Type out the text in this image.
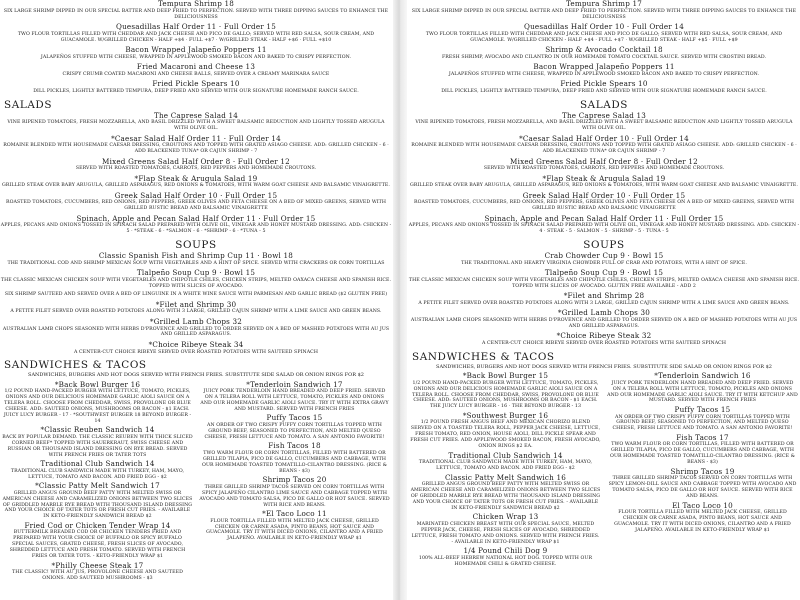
Tempura Shrimp 18

SIX LARGE SHRIMP DIPPED IN OUR SPECIAL BATTER AND DEEP FRIED TO PERFECTION. SERVED WITH THREE DIPPING SAUCES TO ENHANCE THE DELICIOUSNESS

Quesadillas Half Order 11 · Full Order 15

TWO FLOUR TORTILLAS FILLED WITH CHEDDAR AND JACK CHEESE AND PICO DE GALLO; SERVED WITH RED SALSA, SOUR CREAM, AND GUACAMOLE. W/GRILLED CHICKEN - HALF +$4 · FULL +$7 · W/GRILLED STEAK - HALF +$6 · FULL +$10

Bacon Wrapped Jalapeño Poppers 11

JALAPEÑOS STUFFED WITH CHEESE, WRAPPED IN APPLEWOOD SMOKED BACON AND BAKED TO CRISPY PERFECTION.

Fried Macaroni and Cheese 13

CRISPY CRUMB COATED MACARONI AND CHEESE BALLS, SERVED OVER A CREAMY MARINARA SAUCE

Fried Pickle Spears 10

DILL PICKLES, LIGHTLY BATTERED TEMPURA, DEEP FRIED AND SERVED WITH OUR SIGNATURE HOMEMADE RANCH SAUCE.

SALADS

The Caprese Salad 14

VINE RIPENED TOMATOES, FRESH MOZZARELLA, AND BASIL DRIZZLED WITH A SWEET BALSAMIC REDUCTION AND LIGHTLY TOSSED ARUGULA WITH OLIVE OIL.

*Caesar Salad Half Order 11 · Full Order 14

ROMAINE BLENDED WITH HOUSEMADE CAESAR DRESSING, CROUTONS AND TOPPED WITH GRATED ASIAGO CHEESE. ADD: GRILLED CHICKEN - 6 · ADD BLACKENED TUNA* OR CAJUN SHRIMP - 7

Mixed Greens Salad Half Order 8 · Full Order 12

SERVED WITH ROASTED TOMATOES, CARROTS, RED PEPPERS AND HOMEMADE CROUTONS.

*Flap Steak & Arugula Salad 19

GRILLED STEAK OVER BABY ARUGULA, GRILLED ASPARAGUS, RED ONIONS & TOMATOES, WITH WARM GOAT CHEESE AND BALSAMIC VINAIGRETTE.

Greek Salad Half Order 10 · Full Order 15

ROASTED TOMATOES, CUCUMBERS, RED ONIONS, RED PEPPERS, GREEK OLIVES AND FETA CHEESE ON A BED OF MIXED GREENS, SERVED WITH GRILLED RUSTIC BREAD AND BALSAMIC VINAIGRETTE

Spinach, Apple and Pecan Salad Half Order 11 · Full Order 15

APPLES, PECANS AND ONIONS TOSSED IN SPINACH SALAD PREPARED WITH OLIVE OIL, VINEGAR AND HONEY MUSTARD DRESSING. ADD: CHICKEN - 5 · *STEAK - 6 · *SALMON - 6 · *SHRIMP - 6 · *TUNA - 5

SOUPS

Classic Spanish Fish and Shrimp Cup 11 · Bowl 18

THE TRADITIONAL COD AND SHRIMP MEXICAN SOUP WITH VEGETABLES AND A HINT OF SPICE. SERVED WITH CRACKERS OR CORN TORTILLAS

Tlalpeño Soup Cup 9 · Bowl 15

THE CLASSIC MEXICAN CHICKEN SOUP WITH VEGETABLES AND CHIPOTLE CHILES, CHICKEN STRIPS, MELTED OAXACA CHEESE AND SPANISH RICE. TOPPED WITH SLICES OF AVOCADO.

SIX SHRIMP SAUTEED AND SERVED OVER A BED OF LINGUINE IN A WHITE WINE SAUCE WITH PARMESAN AND GARLIC BREAD ($2 GLUTEN FREE)

*Filet and Shrimp 30

A PETITE FILET SERVED OVER ROASTED POTATOES ALONG WITH 3 LARGE, GRILLED CAJUN SHRIMP WITH A LIME SAUCE AND GREEN BEANS.

*Grilled Lamb Chops 32

AUSTRALIAN LAMB CHOPS SEASONED WITH HERBS D'PROVENCE AND GRILLED TO ORDER SERVED ON A BED OF MASHED POTATOES WITH AU JUS AND GRILLED ASPARAGUS.

*Choice Ribeye Steak 34

A CENTER-CUT CHOICE RIBEYE SERVED OVER ROASTED POTATOES WITH SAUTEED SPINACH

SANDWICHES & TACOS

SANDWICHES, BURGERS AND HOT DOGS SERVED WITH FRENCH FRIES. SUBSTITUTE SIDE SALAD OR ONION RINGS FOR $2

*Back Bowl Burger 16

1/2 POUND HAND-PACKED BURGER WITH LETTUCE, TOMATO, PICKLES, ONIONS AND OUR DELICIOUS HOMEMADE GARLIC AIOLI SAUCE ON A TELERA ROLL. CHOOSE FROM CHEDDAR, SWISS, PROVOLONE OR BLUE CHEESE. ADD: SAUTEED ONIONS, MUSHROOMS OR BACON - $1 EACH. JUICY LUCY BURGER - 17 · *SOUTHWEST BURGER 18 BEYOND BURGER - 14

*Classic Reuben Sandwich 14

BACK BY POPULAR DEMAND. THE CLASSIC REUBEN WITH THICK SLICED CORNED BEEF* TOPPED WITH SAUERKRAUT, SWISS CHEESE AND RUSSIAN OR THOUSAND ISLAND DRESSING ON RYE BREAD. SERVED WITH FRENCH FRIES OR TATER TOTS

Traditional Club Sandwich 14

TRADITIONAL CLUB SANDWICH MADE WITH TURKEY, HAM, MAYO, LETTUCE, TOMATO AND BACON. ADD FRIED EGG - $2

*Classic Patty Melt Sandwich 17

GRILLED ANGUS GROUND BEEF PATTY WITH MELTED SWISS OR AMERICAN CHEESE AND CARAMELIZED ONIONS BETWEEN TWO SLICES OF GRIDDLED MARBLE RYE BREAD WITH THOUSAND ISLAND DRESSING AND YOUR CHOICE OF TATER TOTS OR FRESH CUT FRIES. - AVAILABLE IN KETO-FRIENDLY SANDWICH BREAD $2

Fried Cod or Chicken Tender Wrap 14

BUTTERMILK BREADED COD OR CHICKEN TENDERS FRIED AND PREPARED WITH YOUR CHOICE OF BUFFALO OR SPICY BUFFALO SPECIAL SAUCES, GRATED CHEESE, FRESH SLICES OF AVOCADO, SHREDDED LETTUCE AND FRESH TOMATO. SERVED WITH FRENCH FRIES OR TATER TOTS. - KETO-FRIENDLY WRAP $1

*Philly Cheese Steak 17

THE CLASSIC! WITH AU JUS, PROVOLONE CHEESE AND SAUTEED ONIONS. ADD SAUTEED MUSHROOMS - $3

*Tenderloin Sandwich 17

JUICY PORK TENDERLOIN HAND BREADED AND DEEP FRIED. SERVED ON A TELERA ROLL WITH LETTUCE, TOMATO, PICKLES AND ONIONS AND OUR HOMEMADE GARLIC AIOLI SAUCE. TRY IT WITH EXTRA GRAVY AND MUSTARD. SERVED WITH FRENCH FRIES

Puffy Tacos 15

AN ORDER OF TWO CRISPY PUFFY CORN TORTILLAS TOPPED WITH GROUND BEEF, SEASONED TO PERFECTION, AND MELTED QUESO CHEESE, FRESH LETTUCE AND TOMATO. A SAN ANTONIO FAVORITE!

Fish Tacos 18

TWO WARM FLOUR OR CORN TORTILLAS, FILLED WITH BATTERED OR GRILLED TILAPIA, PICO DE GALLO, CUCUMBERS AND CABBAGE, WITH OUR HOMEMADE TOASTED TOMATILLO-CILANTRO DRESSING. (RICE & BEANS - $3)

Shrimp Tacos 20

THREE GRILLED SHRIMP TACOS SERVED ON CORN TORTILLAS WITH SPICY JALAPEÑO CILANTRO LIME SAUCE AND CABBAGE TOPPED WITH AVOCADO AND TOMATO SALSA, PICO DE GALLO OR HOT SAUCE. SERVED WITH RICE AND BEANS.

*El Taco Loco 11

FLOUR TORTILLA FILLED WITH MELTED JACK CHEESE, GRILLED CHICKEN OR CARNE ASADA, PINTO BEANS, HOT SAUCE AND GUACAMOLE. TRY IT WITH DICED ONIONS, CILANTRO AND A FRIED JALAPEÑO. AVAILABLE IN KETO-FRIENDLY WRAP $1

Tempura Shrimp 17

SIX LARGE SHRIMP DIPPED IN OUR SPECIAL BATTER AND DEEP FRIED TO PERFECTION. SERVED WITH THREE DIPPING SAUCES TO ENHANCE THE DELICIOUSNESS

Quesadillas Half Order 10 · Full Order 14

TWO FLOUR TORTILLAS FILLED WITH CHEDDAR AND JACK CHEESE AND PICO DE GALLO; SERVED WITH RED SALSA, SOUR CREAM, AND GUACAMOLE. W/GRILLED CHICKEN - HALF +$4 · FULL +$7 · W/GRILLED STEAK - HALF +$5 · FULL +$9

Shrimp & Avocado Cocktail 18

FRESH SHRIMP, AVOCADO AND CILANTRO IN OUR HOMEMADE TOMATO COCKTAIL SAUCE. SERVED WITH CROSTINI BREAD.

Bacon Wrapped Jalapeño Poppers 11

JALAPEÑOS STUFFED WITH CHEESE, WRAPPED IN APPLEWOOD SMOKED BACON AND BAKED TO CRISPY PERFECTION.

Fried Pickle Spears 10

DILL PICKLES, LIGHTLY BATTERED TEMPURA, DEEP FRIED AND SERVED WITH OUR SIGNATURE HOMEMADE RANCH SAUCE.

SALADS

The Caprese Salad 13

VINE RIPENED TOMATOES, FRESH MOZZARELLA, AND BASIL DRIZZLED WITH A SWEET BALSAMIC REDUCTION AND LIGHTLY TOSSED ARUGULA WITH OLIVE OIL.

*Caesar Salad Half Order 10 · Full Order 14

ROMAINE BLENDED WITH HOUSEMADE CAESAR DRESSING, CROUTONS AND TOPPED WITH GRATED ASIAGO CHEESE. ADD: GRILLED CHICKEN - 6 · ADD BLACKENED TUNA* OR CAJUN SHRIMP - 7

Mixed Greens Salad Half Order 8 · Full Order 12

SERVED WITH ROASTED TOMATOES, CARROTS, RED PEPPERS AND HOMEMADE CROUTONS.

*Flap Steak & Arugula Salad 19

GRILLED STEAK OVER BABY ARUGULA, GRILLED ASPARAGUS, RED ONIONS & TOMATOES, WITH WARM GOAT CHEESE AND BALSAMIC VINAIGRETTE.

Greek Salad Half Order 10 · Full Order 15

ROASTED TOMATOES, CUCUMBERS, RED ONIONS, RED PEPPERS, GREEK OLIVES AND FETA CHEESE ON A BED OF MIXED GREENS, SERVED WITH GRILLED RUSTIC BREAD AND BALSAMIC VINAIGRETTE

Spinach, Apple and Pecan Salad Half Order 11 · Full Order 15

APPLES, PECANS AND ONIONS TOSSED IN SPINACH SALAD PREPARED WITH OLIVE OIL, VINEGAR AND HONEY MUSTARD DRESSING. ADD: CHICKEN - 4 · STEAK - 5 · SALMON - 5 · SHRIMP - 5 · TUNA - 5

SOUPS

Crab Chowder Cup 9 · Bowl 15

THE TRADITIONAL AND HEARTY VIRGINIA CHOWDER FULL OF CRAB AND POTATOES, WITH A HINT OF SPICE.

Tlalpeño Soup Cup 9 · Bowl 15

THE CLASSIC MEXICAN CHICKEN SOUP WITH VEGETABLES AND CHIPOTLE CHILES, CHICKEN STRIPS, MELTED OAXACA CHEESE AND SPANISH RICE. TOPPED WITH SLICES OF AVOCADO. GLUTEN FREE AVAILABLE - ADD 2

*Filet and Shrimp 28

A PETITE FILET SERVED OVER ROASTED POTATOES ALONG WITH 3 LARGE, GRILLED CAJUN SHRIMP WITH A LIME SAUCE AND GREEN BEANS.

*Grilled Lamb Chops 30

AUSTRALIAN LAMB CHOPS SEASONED WITH HERBS D'PROVENCE AND GRILLED TO ORDER SERVED ON A BED OF MASHED POTATOES WITH AU JUS AND GRILLED ASPARAGUS.

*Choice Ribeye Steak 32

A CENTER-CUT CHOICE RIBEYE SERVED OVER ROASTED POTATOES WITH SAUTEED SPINACH

SANDWICHES & TACOS

SANDWICHES, BURGERS AND HOT DOGS SERVED WITH FRENCH FRIES. SUBSTITUTE SIDE SALAD OR ONION RINGS FOR $2

*Back Bowl Burger 15

1/2 POUND HAND-PACKED BURGER WITH LETTUCE, TOMATO, PICKLES, ONIONS AND OUR DELICIOUS HOMEMADE GARLIC AIOLI SAUCE ON A TELERA ROLL. CHOOSE FROM CHEDDAR, SWISS, PROVOLONE OR BLUE CHEESE. ADD: SAUTEED ONIONS, MUSHROOMS OR BACON - $1 EACH. THE JUICY LUCY BURGER - 16 · THE BEYOND BURGER - 13

*Southwest Burger 16

1/2 POUND FRESH ANGUS BEEF AND MEXICAN CHORIZO BLEND SERVED ON A TOASTED TELERA ROLL, PEPPER JACK CHEESE, LETTUCE, FRESH TOMATO, RED ONION, HOUSE AIOLI, DILL PICKLE SPEAR AND FRESH CUT FRIES. ADD APPLEWOOD SMOKED BACON, FRESH AVOCADO, ONION RINGS $2 EA.

Traditional Club Sandwich 14

TRADITIONAL CLUB SANDWICH MADE WITH TURKEY, HAM, MAYO, LETTUCE, TOMATO AND BACON. ADD FRIED EGG - $2

Classic Patty Melt Sandwich 16

GRILLED ANGUS GROUND BEEF PATTY WITH MELTED SWISS OR AMERICAN CHEESE AND CARAMELIZED ONIONS BETWEEN TWO SLICES OF GRIDDLED MARBLE RYE BREAD WITH THOUSAND ISLAND DRESSING AND YOUR CHOICE OF TATER TOTS OR FRESH CUT FRIES. - AVAILABLE IN KETO-FRIENDLY SANDWICH BREAD $2

Chicken Wrap 13

MARINATED CHICKEN BREAST WITH OUR SPECIAL SAUCE, MELTED PEPPER JACK, CHEESE, FRESH SLICES OF AVOCADO, SHREDDED LETTUCE, FRESH TOMATO AND ONIONS. SERVED WITH FRENCH FRIES. - AVAILABLE IN KETO-FRIENDLY WRAP $1

1/4 Pound Chili Dog 9

100% ALL-BEEF HEBREW NATIONAL HOT DOG. TOPPED WITH OUR HOMEMADE CHILI & GRATED CHEESE.

*Tenderloin Sandwich 16

JUICY PORK TENDERLOIN HAND BREADED AND DEEP FRIED. SERVED ON A TELERA ROLL WITH LETTUCE, TOMATO, PICKLES AND ONIONS AND OUR HOMEMADE GARLIC AIOLI SAUCE. TRY IT WITH KETCHUP AND MUSTARD. SERVED WITH FRENCH FRIES

Puffy Tacos 15

AN ORDER OF TWO CRISPY PUFFY CORN TORTILLAS TOPPED WITH GROUND BEEF, SEASONED TO PERFECTION, AND MELTED QUESO CHEESE, FRESH LETTUCE AND TOMATO. A SAN ANTONIO FAVORITE!

Fish Tacos 17

TWO WARM FLOUR OR CORN TORTILLAS, FILLED WITH BATTERED OR GRILLED TILAPIA, PICO DE GALLO, CUCUMBERS AND CABBAGE, WITH OUR HOMEMADE TOASTED TOMATILLO-CILANTRO DRESSING. (RICE & BEANS - $3)

Shrimp Tacos 19

THREE GRILLED SHRIMP TACOS SERVED ON CORN TORTILLAS WITH SPICY LEMON-DILL SAUCE AND CABBAGE TOPPED WITH AVOCADO AND TOMATO SALSA, PICO DE GALLO OR HOT SAUCE. SERVED WITH RICE AND BEANS.

El Taco Loco 10

FLOUR TORTILLA FILLED WITH MELTED JACK CHEESE, GRILLED CHICKEN OR CARNE ASADA, PINTO BEANS, HOT SAUCE AND GUACAMOLE. TRY IT WITH DICED ONIONS, CILANTRO AND A FRIED JALAPEÑO. AVAILABLE IN KETO-FRIENDLY WRAP $1
